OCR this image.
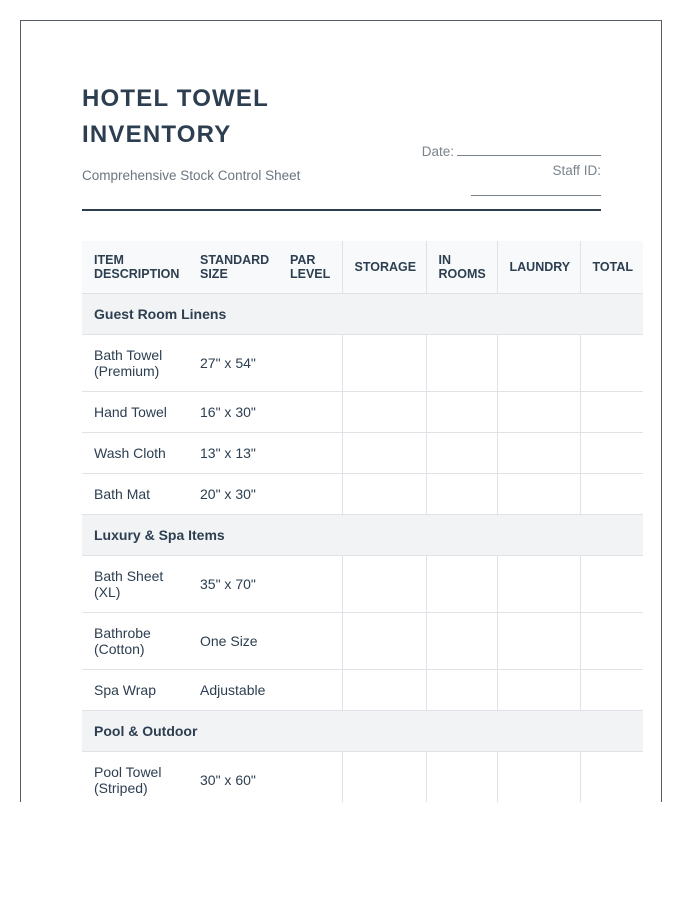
HOTEL TOWEL INVENTORY
Comprehensive Stock Control Sheet
Date:
Staff ID:
ITEM DESCRIPTION	STANDARD SIZE	PAR LEVEL	STORAGE	IN ROOMS	LAUNDRY	TOTAL
Guest Room Linens						
Bath Towel (Premium)	27" x 54"					
Hand Towel	16" x 30"					
Wash Cloth	13" x 13"					
Bath Mat	20" x 30"					
Luxury & Spa Items						
Bath Sheet (XL)	35" x 70"					
Bathrobe (Cotton)	One Size					
Spa Wrap	Adjustable					
Pool & Outdoor						
Pool Towel (Striped)	30" x 60"					
